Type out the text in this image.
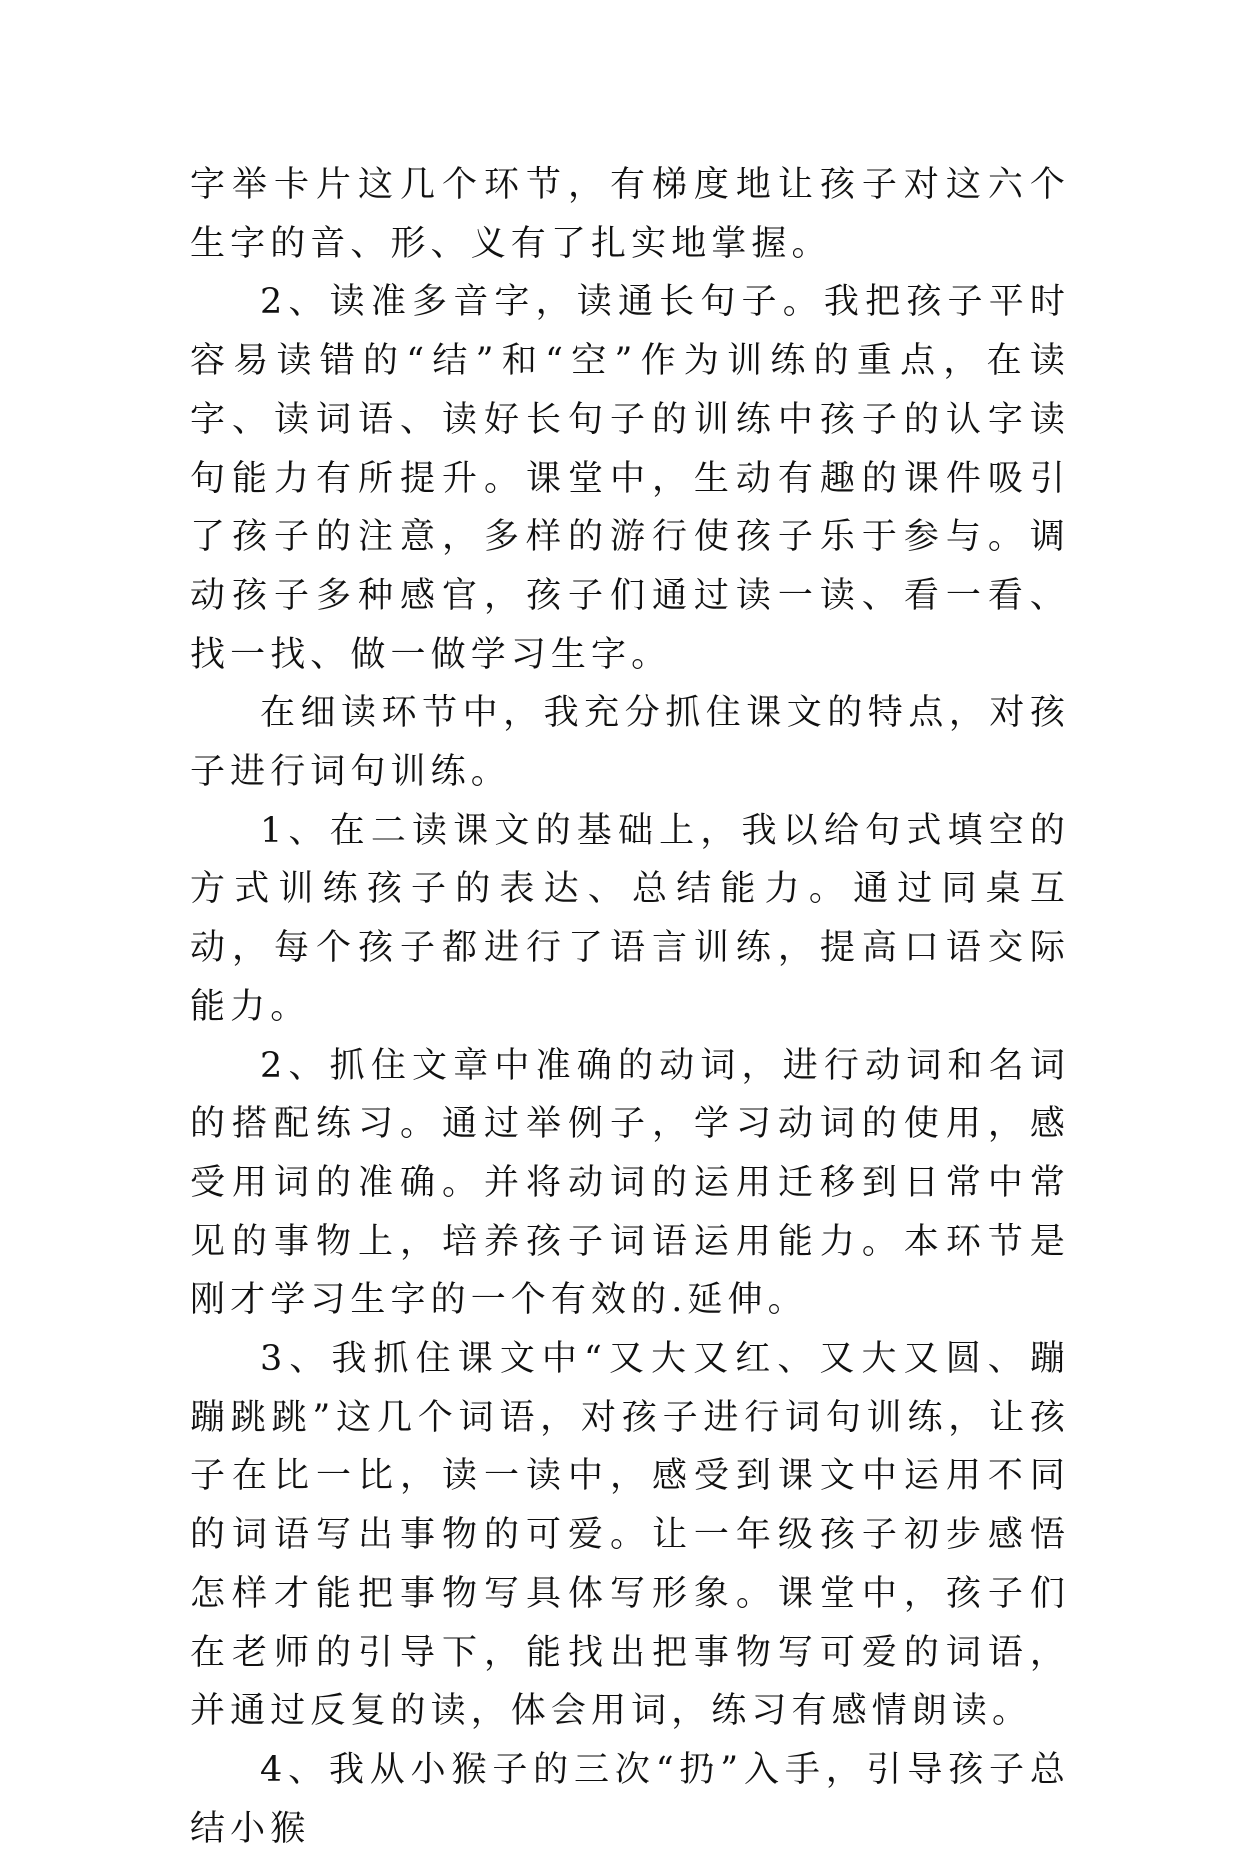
字举卡片这几个环节，有梯度地让孩子对这六个生字的音、形、义有了扎实地掌握。

2、读准多音字，读通长句子。我把孩子平时容易读错的“结”和“空”作为训练的重点，在读字、读词语、读好长句子的训练中孩子的认字读句能力有所提升。课堂中，生动有趣的课件吸引了孩子的注意，多样的游行使孩子乐于参与。调动孩子多种感官，孩子们通过读一读、看一看、找一找、做一做学习生字。

在细读环节中，我充分抓住课文的特点，对孩子进行词句训练。

1、在二读课文的基础上，我以给句式填空的方式训练孩子的表达、总结能力。通过同桌互动，每个孩子都进行了语言训练，提高口语交际能力。

2、抓住文章中准确的动词，进行动词和名词的搭配练习。通过举例子，学习动词的使用，感受用词的准确。并将动词的运用迁移到日常中常见的事物上，培养孩子词语运用能力。本环节是刚才学习生字的一个有效的.延伸。

3、我抓住课文中“又大又红、又大又圆、蹦蹦跳跳”这几个词语，对孩子进行词句训练，让孩子在比一比，读一读中，感受到课文中运用不同的词语写出事物的可爱。让一年级孩子初步感悟怎样才能把事物写具体写形象。课堂中，孩子们在老师的引导下，能找出把事物写可爱的词语，并通过反复的读，体会用词，练习有感情朗读。

4、我从小猴子的三次“扔”入手，引导孩子总结小猴
